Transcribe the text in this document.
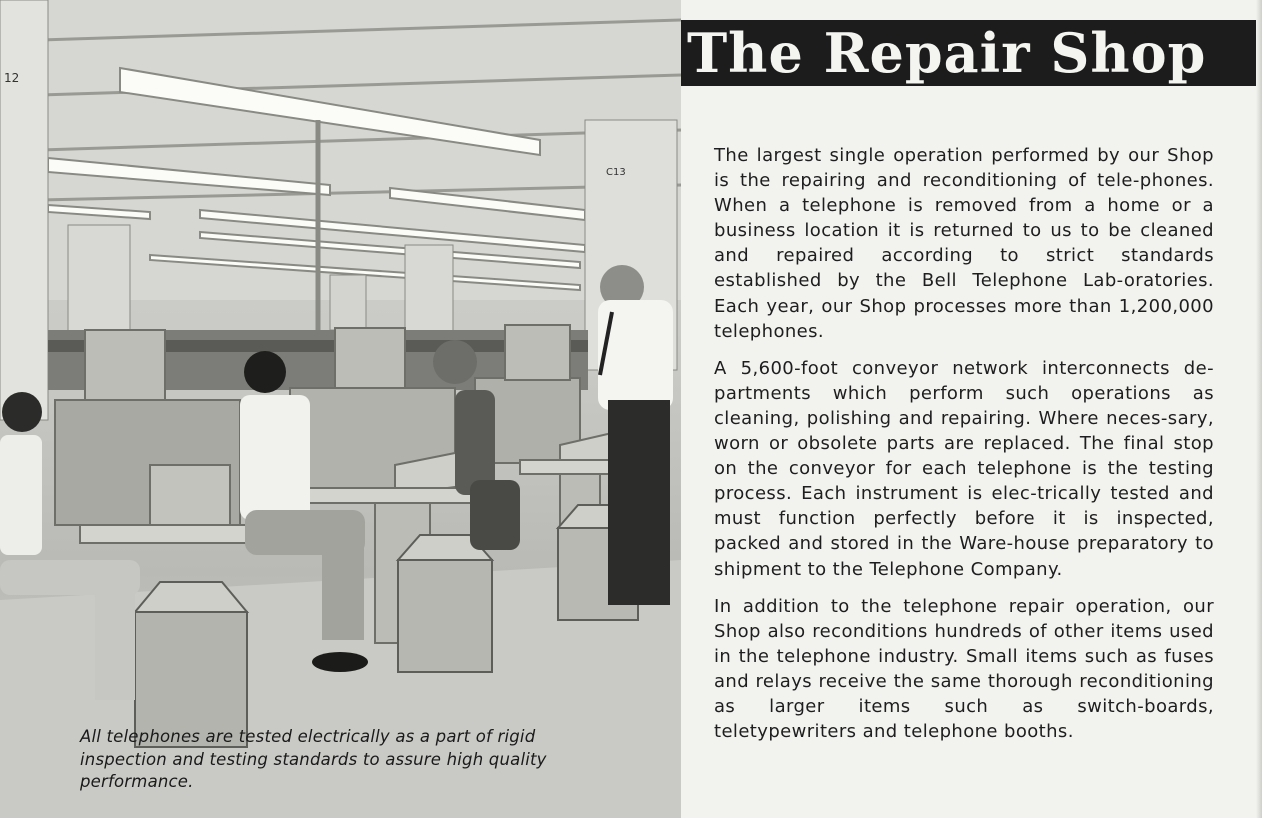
12
C13

All telephones are tested electrically as a part of rigid inspection and testing standards to assure high quality performance.

The Repair Shop

The largest single operation performed by our Shop is the repairing and reconditioning of tele-phones. When a telephone is removed from a home or a business location it is returned to us to be cleaned and repaired according to strict standards established by the Bell Telephone Lab-oratories. Each year, our Shop processes more than 1,200,000 telephones.

A 5,600-foot conveyor network interconnects de-partments which perform such operations as cleaning, polishing and repairing. Where neces-sary, worn or obsolete parts are replaced. The final stop on the conveyor for each telephone is the testing process. Each instrument is elec-trically tested and must function perfectly before it is inspected, packed and stored in the Ware-house preparatory to shipment to the Telephone Company.

In addition to the telephone repair operation, our Shop also reconditions hundreds of other items used in the telephone industry. Small items such as fuses and relays receive the same thorough reconditioning as larger items such as switch-boards, teletypewriters and telephone booths.
